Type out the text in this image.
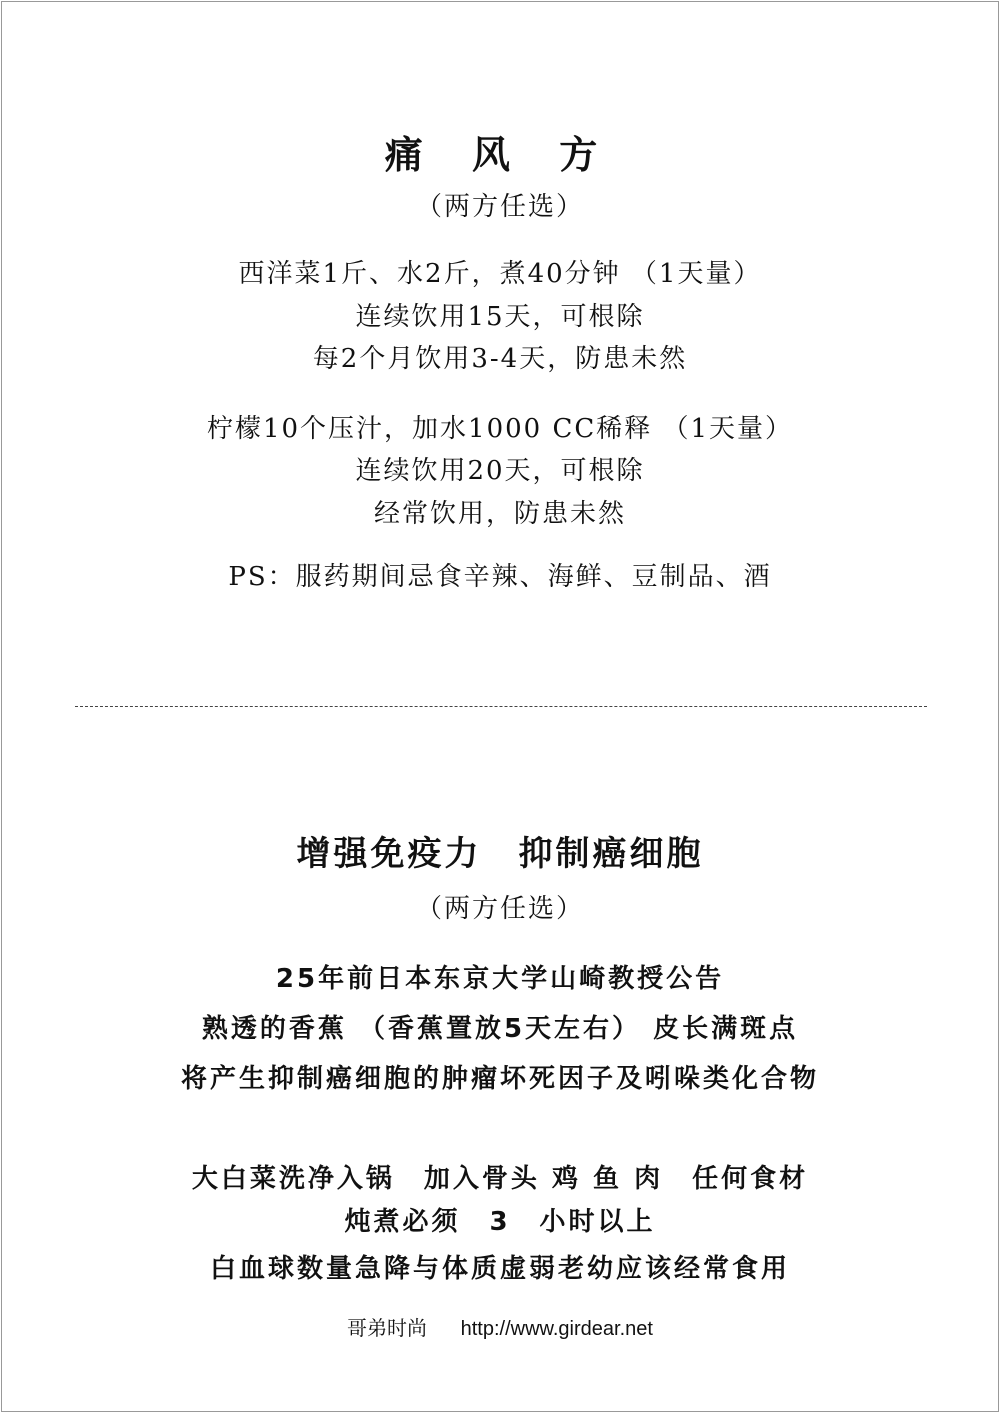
痛 风 方
（两方任选）
西洋菜1斤、水2斤，煮40分钟 （1天量）
连续饮用15天，可根除
每2个月饮用3-4天，防患未然
柠檬10个压汁，加水1000 CC稀释 （1天量）
连续饮用20天，可根除
经常饮用，防患未然
PS：服药期间忌食辛辣、海鲜、豆制品、酒
增强免疫力　抑制癌细胞
（两方任选）
25年前日本东京大学山崎教授公告
熟透的香蕉 （香蕉置放5天左右） 皮长满斑点
将产生抑制癌细胞的肿瘤坏死因子及吲哚类化合物
大白菜洗净入锅　加入骨头 鸡 鱼 肉　任何食材
炖煮必须　3　小时以上
白血球数量急降与体质虚弱老幼应该经常食用
哥弟时尚 http://www.girdear.net
